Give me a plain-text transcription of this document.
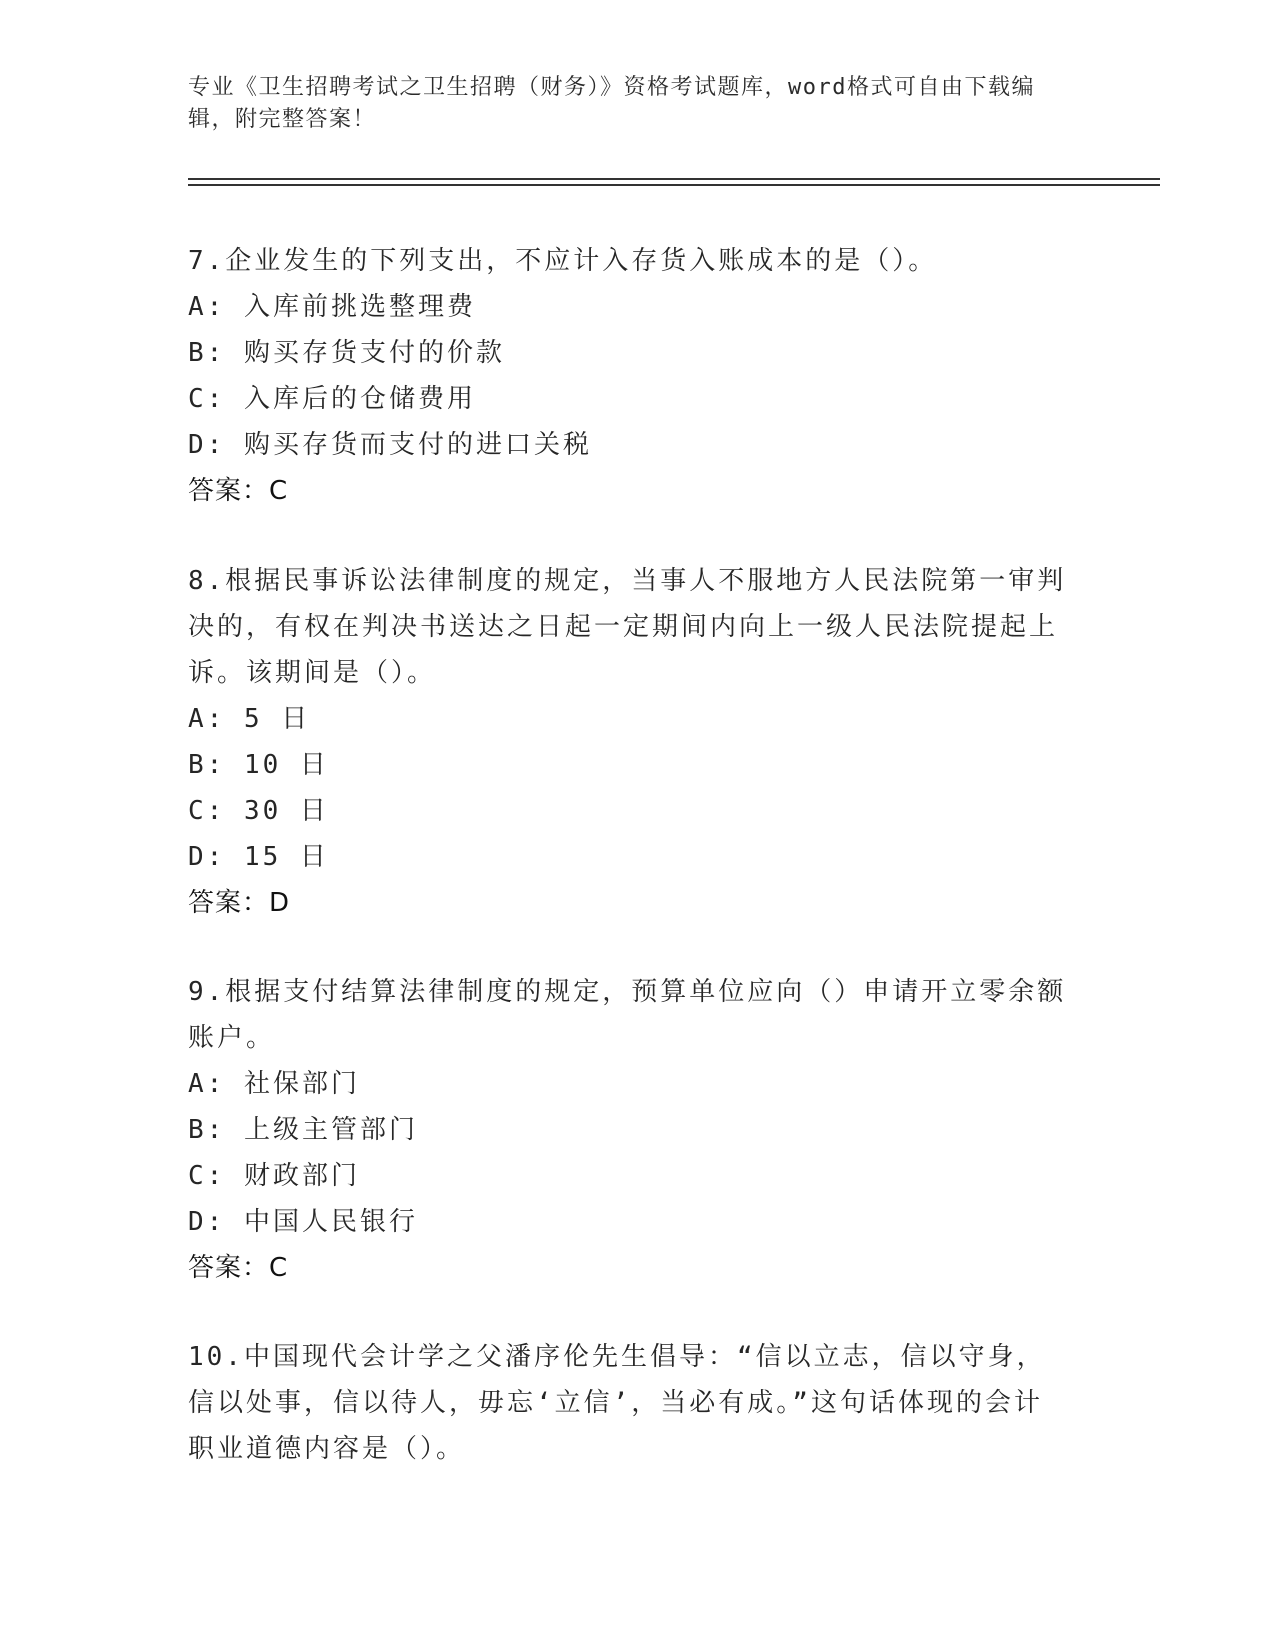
专业《卫生招聘考试之卫生招聘（财务）》资格考试题库，word格式可自由下载编辑，附完整答案！
7.企业发生的下列支出，不应计入存货入账成本的是（）。
A: 入库前挑选整理费
B: 购买存货支付的价款
C: 入库后的仓储费用
D: 购买存货而支付的进口关税
答案：C
8.根据民事诉讼法律制度的规定，当事人不服地方人民法院第一审判决的，有权在判决书送达之日起一定期间内向上一级人民法院提起上诉。该期间是（）。
A: 5 日
B: 10 日
C: 30 日
D: 15 日
答案：D
9.根据支付结算法律制度的规定，预算单位应向（）申请开立零余额账户。
A: 社保部门
B: 上级主管部门
C: 财政部门
D: 中国人民银行
答案：C
10.中国现代会计学之父潘序伦先生倡导：“信以立志，信以守身，信以处事，信以待人，毋忘‘立信’，当必有成。”这句话体现的会计职业道德内容是（）。
